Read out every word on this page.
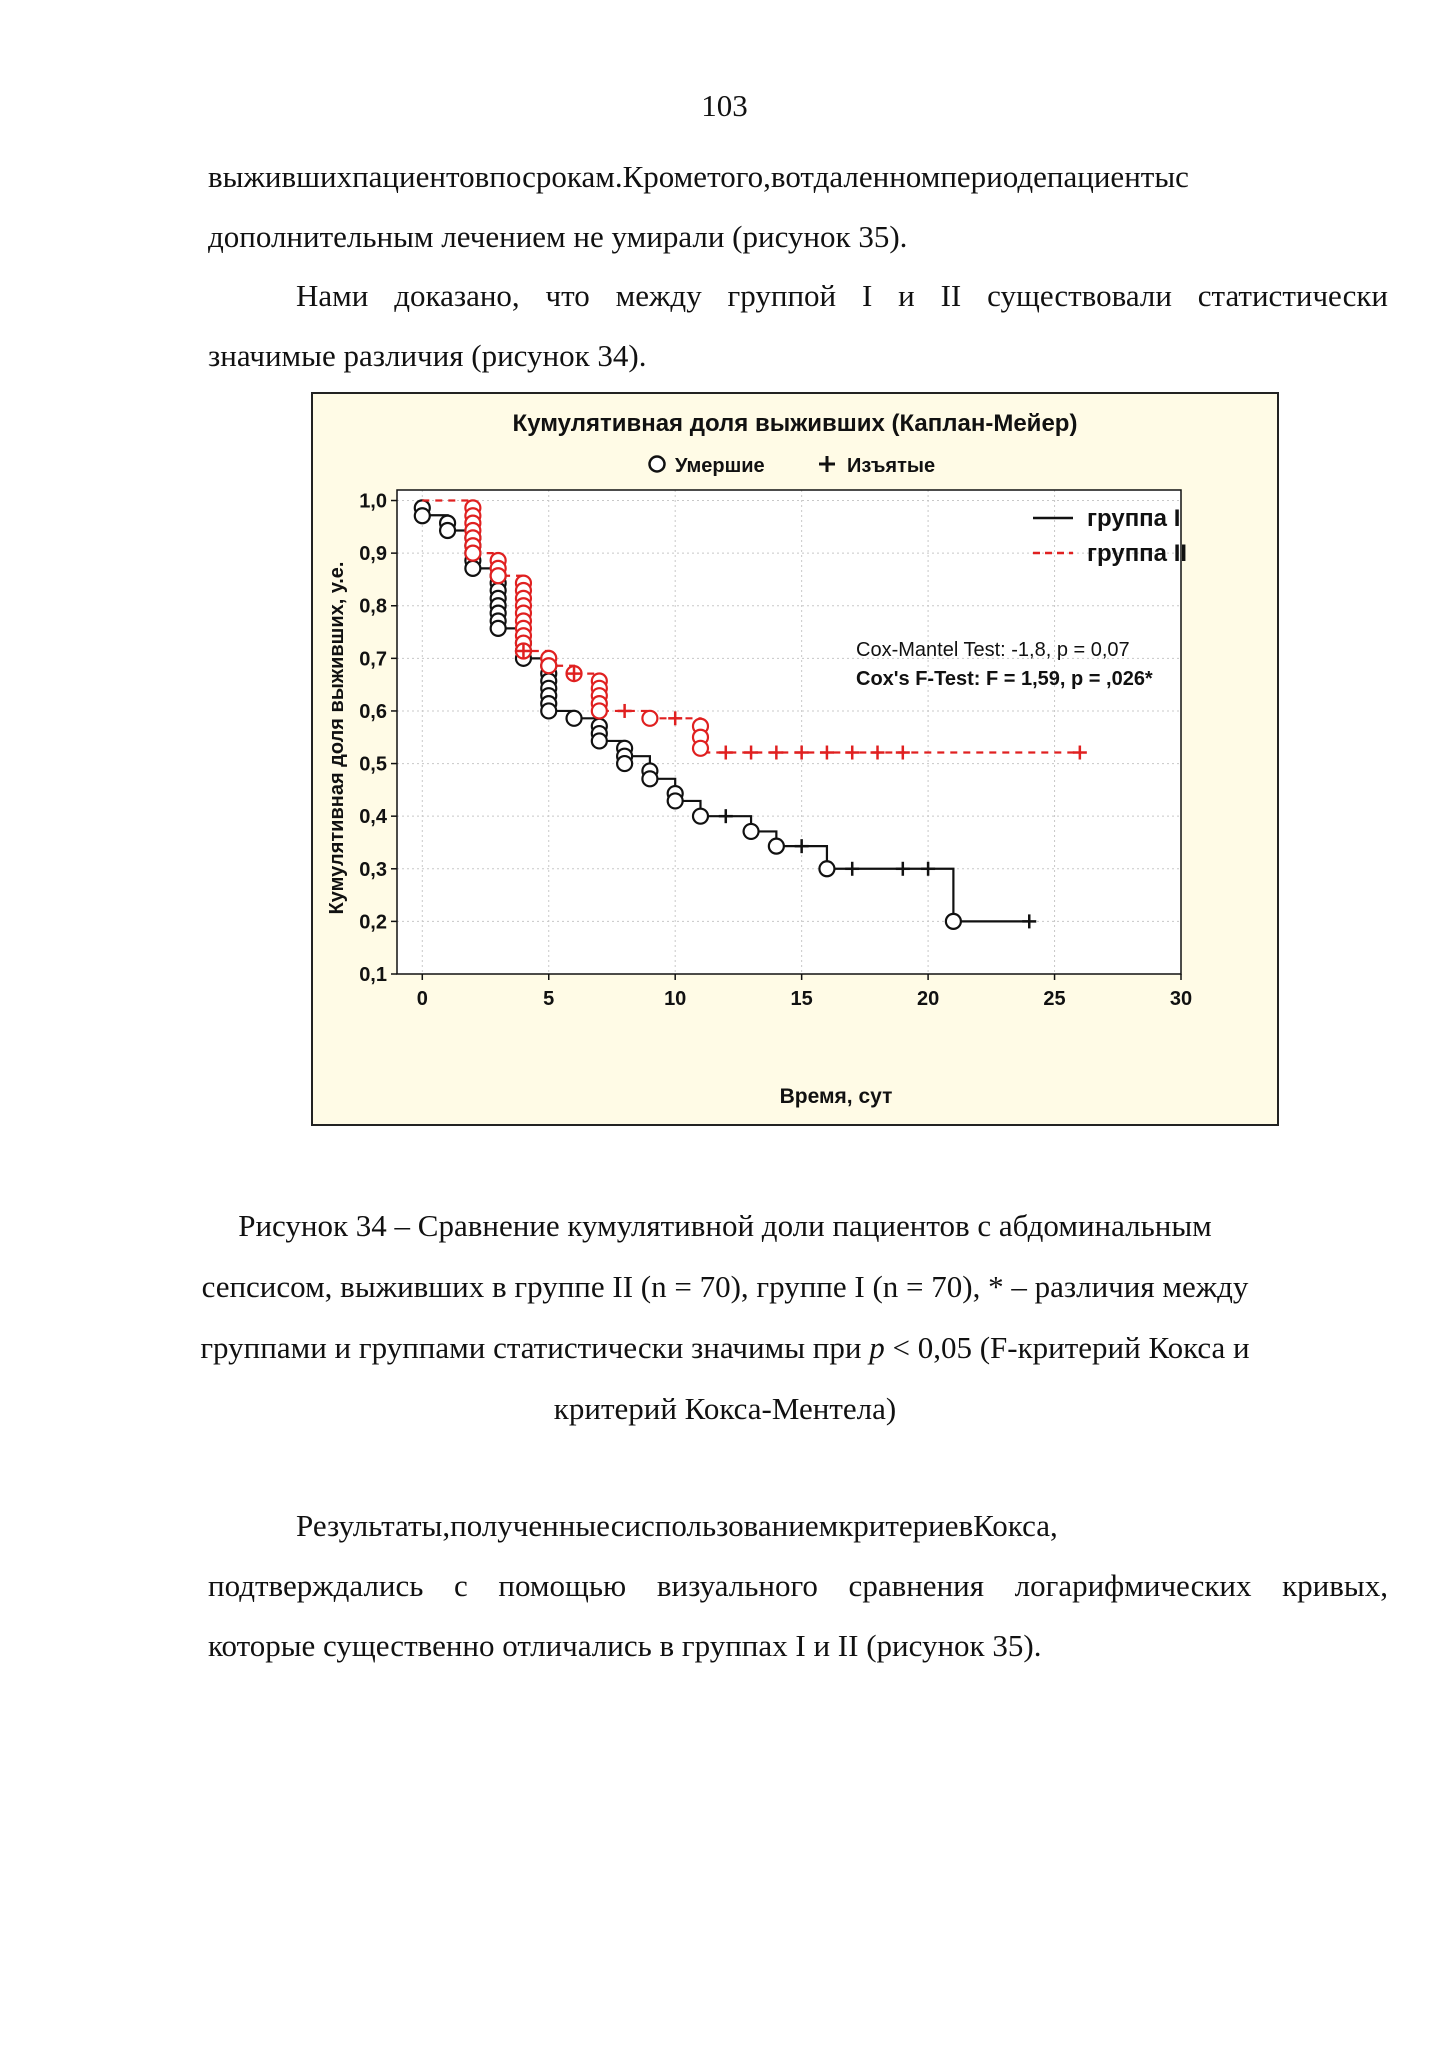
103
выжившихпациентовпосрокам.Крометого,вотдаленномпериодепациентыс
дополнительным лечением не умирали (рисунок 35).
Нами доказано, что между группой I и II существовали статистически
значимые различия (рисунок 34).
Кумулятивная доля выживших (Каплан-Мейер)
Умершие	Изъятые
0	5	10	15	20	25	30
0,1
0,2
0,3
0,4
0,5
0,6
0,7
0,8
0,9
1,0
Время, сут
Кумулятивная доля выживших, у.е.
группа I
группа II
Cox-Mantel Test: -1,8, p = 0,07
Cox's F-Test: F = 1,59, p = ,026*
Рисунок 34 – Сравнение кумулятивной доли пациентов с абдоминальным
сепсисом, выживших в группе II (n = 70), группе I (n = 70), * – различия между
группами и группами статистически значимы при p < 0,05 (F-критерий Кокса и
критерий Кокса-Ментела)
Результаты,полученныесиспользованиемкритериевКокса,
подтверждались с помощью визуального сравнения логарифмических кривых,
которые существенно отличались в группах I и II (рисунок 35).
